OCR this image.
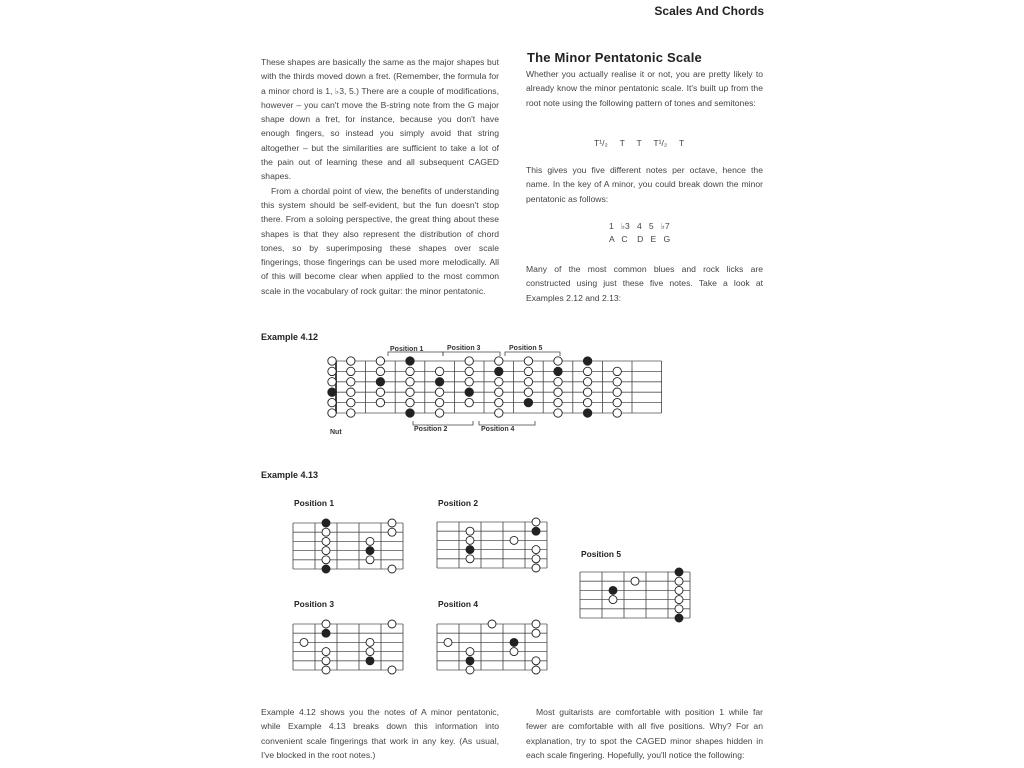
Scales And Chords

These shapes are basically the same as the major shapes but with the thirds moved down a fret. (Remember, the formula for a minor chord is 1, ♭3, 5.) There are a couple of modifications, however – you can't move the B-string note from the G major shape down a fret, for instance, because you don't have enough fingers, so instead you simply avoid that string altogether – but the similarities are sufficient to take a lot of the pain out of learning these and all subsequent CAGED shapes.

From a chordal point of view, the benefits of understanding this system should be self-evident, but the fun doesn't stop there. From a soloing perspective, the great thing about these shapes is that they also represent the distribution of chord tones, so by superimposing these shapes over scale fingerings, those fingerings can be used more melodically. All of this will become clear when applied to the most common scale in the vocabulary of rock guitar: the minor pentatonic.

The Minor Pentatonic Scale
Whether you actually realise it or not, you are pretty likely to already know the minor pentatonic scale. It's built up from the root note using the following pattern of tones and semitones:
T¹/₂     T     T     T¹/₂     T
This gives you five different notes per octave, hence the name. In the key of A minor, you could break down the minor pentatonic as follows:
1   ♭3   4   5   ♭7
A   C    D   E   G
Many of the most common blues and rock licks are constructed using just these five notes. Take a look at Examples 2.12 and 2.13:
Example 4.12
Position 1	Position 3	Position 5
Position 2	Position 4
Nut
Example 4.13
Position 1	Position 2
Position 3	Position 4
Position 5
Example 4.12 shows you the notes of A minor pentatonic, while Example 4.13 breaks down this information into convenient scale fingerings that work in any key. (As usual, I've blocked in the root notes.)
Most guitarists are comfortable with position 1 while far fewer are comfortable with all five positions. Why? For an explanation, try to spot the CAGED minor shapes hidden in each scale fingering. Hopefully, you'll notice the following:
